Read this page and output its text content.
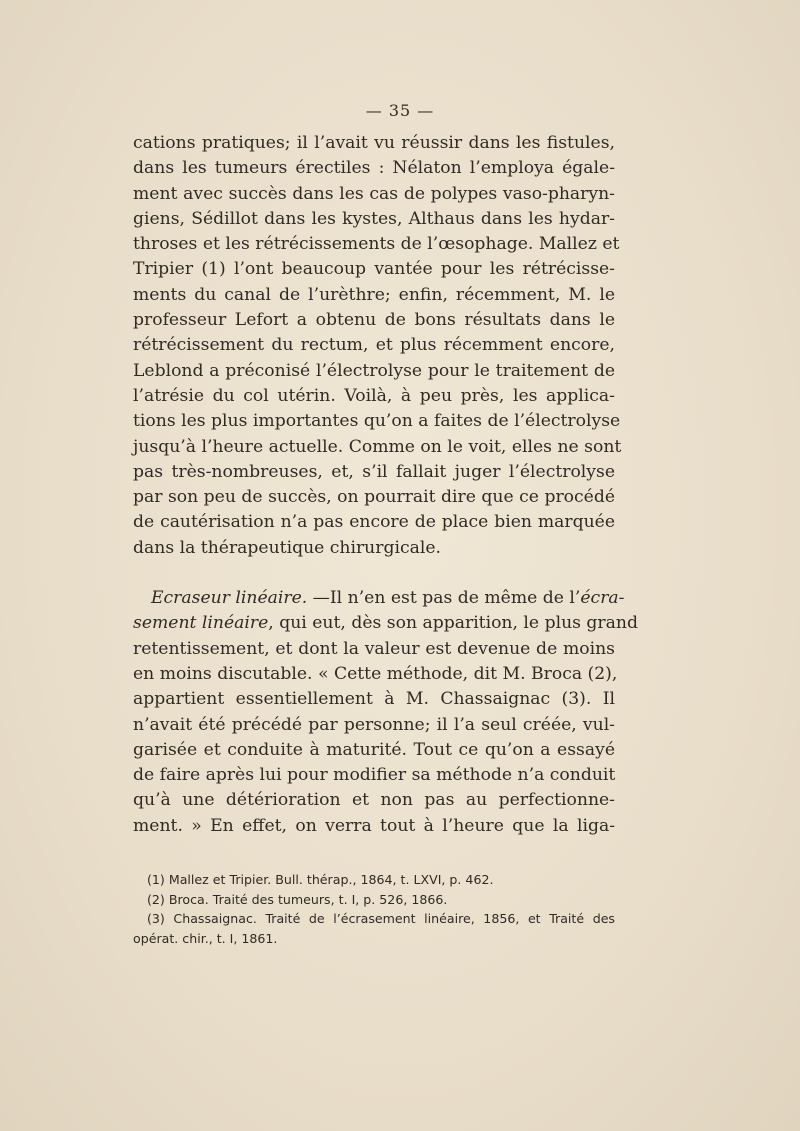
— 35 —
cations pratiques; il l’avait vu réussir dans les fistules,
dans les tumeurs érectiles : Nélaton l’employa égale-
ment avec succès dans les cas de polypes vaso-pharyn-
giens, Sédillot dans les kystes, Althaus dans les hydar-
throses et les rétrécissements de l’œsophage. Mallez et
Tripier (1) l’ont beaucoup vantée pour les rétrécisse-
ments du canal de l’urèthre; enfin, récemment, M. le
professeur Lefort a obtenu de bons résultats dans le
rétrécissement du rectum, et plus récemment encore,
Leblond a préconisé l’électrolyse pour le traitement de
l’atrésie du col utérin. Voilà, à peu près, les applica-
tions les plus importantes qu’on a faites de l’électrolyse
jusqu’à l’heure actuelle. Comme on le voit, elles ne sont
pas très-nombreuses, et, s’il fallait juger l’électrolyse
par son peu de succès, on pourrait dire que ce procédé
de cautérisation n’a pas encore de place bien marquée
dans la thérapeutique chirurgicale.
Ecraseur linéaire. —Il n’en est pas de même de l’écra-
sement linéaire, qui eut, dès son apparition, le plus grand
retentissement, et dont la valeur est devenue de moins
en moins discutable. « Cette méthode, dit M. Broca (2),
appartient essentiellement à M. Chassaignac (3). Il
n’avait été précédé par personne; il l’a seul créée, vul-
garisée et conduite à maturité. Tout ce qu’on a essayé
de faire après lui pour modifier sa méthode n’a conduit
qu’à une détérioration et non pas au perfectionne-
ment. » En effet, on verra tout à l’heure que la liga-
(1) Mallez et Tripier. Bull. thérap., 1864, t. LXVI, p. 462.
(2) Broca. Traité des tumeurs, t. I, p. 526, 1866.
(3) Chassaignac. Traité de l’écrasement linéaire, 1856, et Traité des
opérat. chir., t. I, 1861.
